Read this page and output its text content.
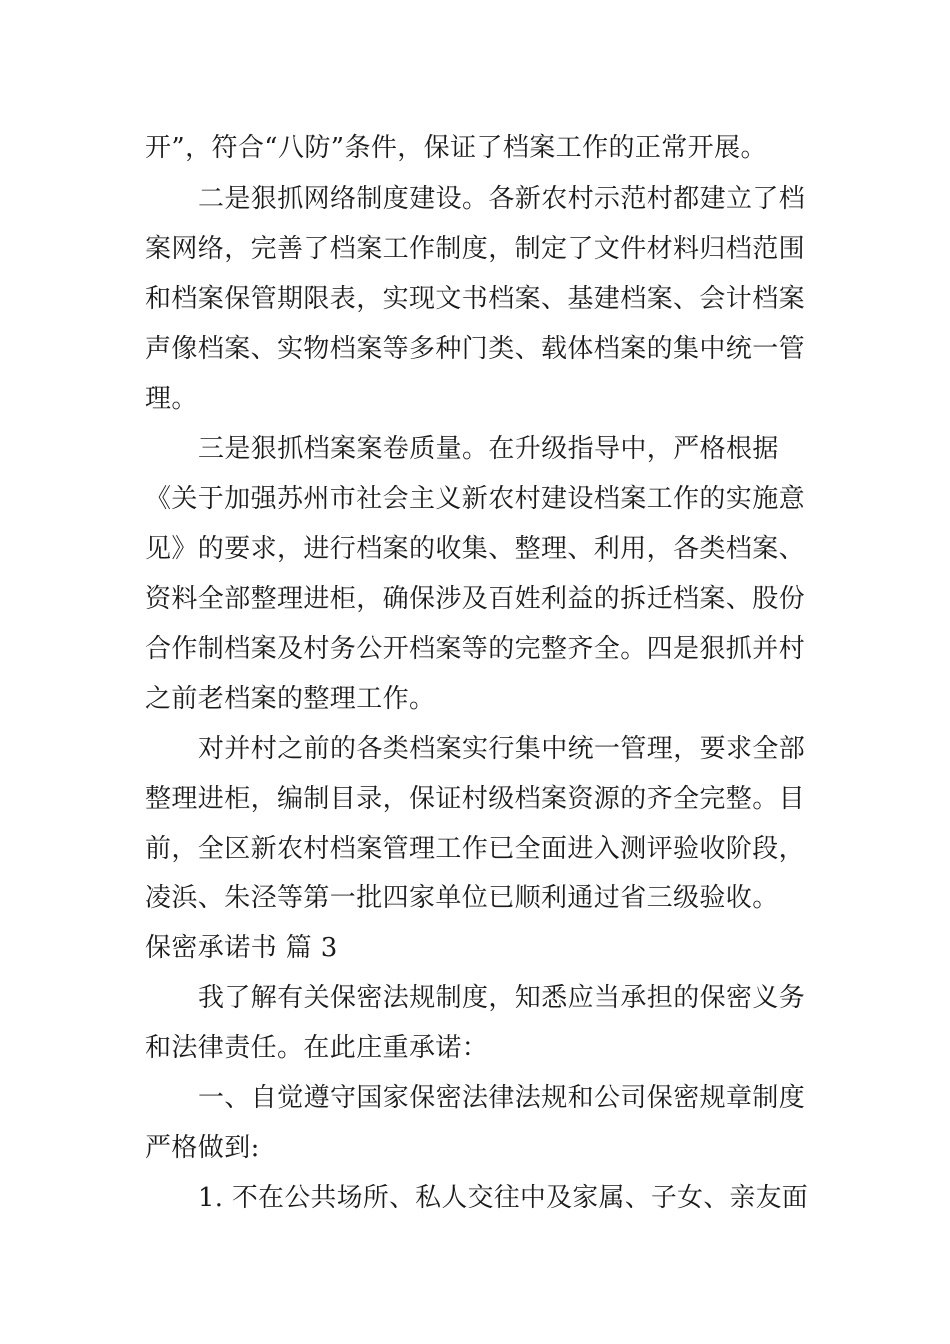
开”，符合“八防”条件，保证了档案工作的正常开展。
二是狠抓网络制度建设。各新农村示范村都建立了档
案网络，完善了档案工作制度，制定了文件材料归档范围
和档案保管期限表，实现文书档案、基建档案、会计档案
声像档案、实物档案等多种门类、载体档案的集中统一管
理。
三是狠抓档案案卷质量。在升级指导中，严格根据
《关于加强苏州市社会主义新农村建设档案工作的实施意
见》的要求，进行档案的收集、整理、利用，各类档案、
资料全部整理进柜，确保涉及百姓利益的拆迁档案、股份
合作制档案及村务公开档案等的完整齐全。四是狠抓并村
之前老档案的整理工作。
对并村之前的各类档案实行集中统一管理，要求全部
整理进柜，编制目录，保证村级档案资源的齐全完整。目
前，全区新农村档案管理工作已全面进入测评验收阶段，
凌浜、朱泾等第一批四家单位已顺利通过省三级验收。
保密承诺书 篇 3
我了解有关保密法规制度，知悉应当承担的保密义务
和法律责任。在此庄重承诺：
一、自觉遵守国家保密法律法规和公司保密规章制度
严格做到:
1. 不在公共场所、私人交往中及家属、子女、亲友面
